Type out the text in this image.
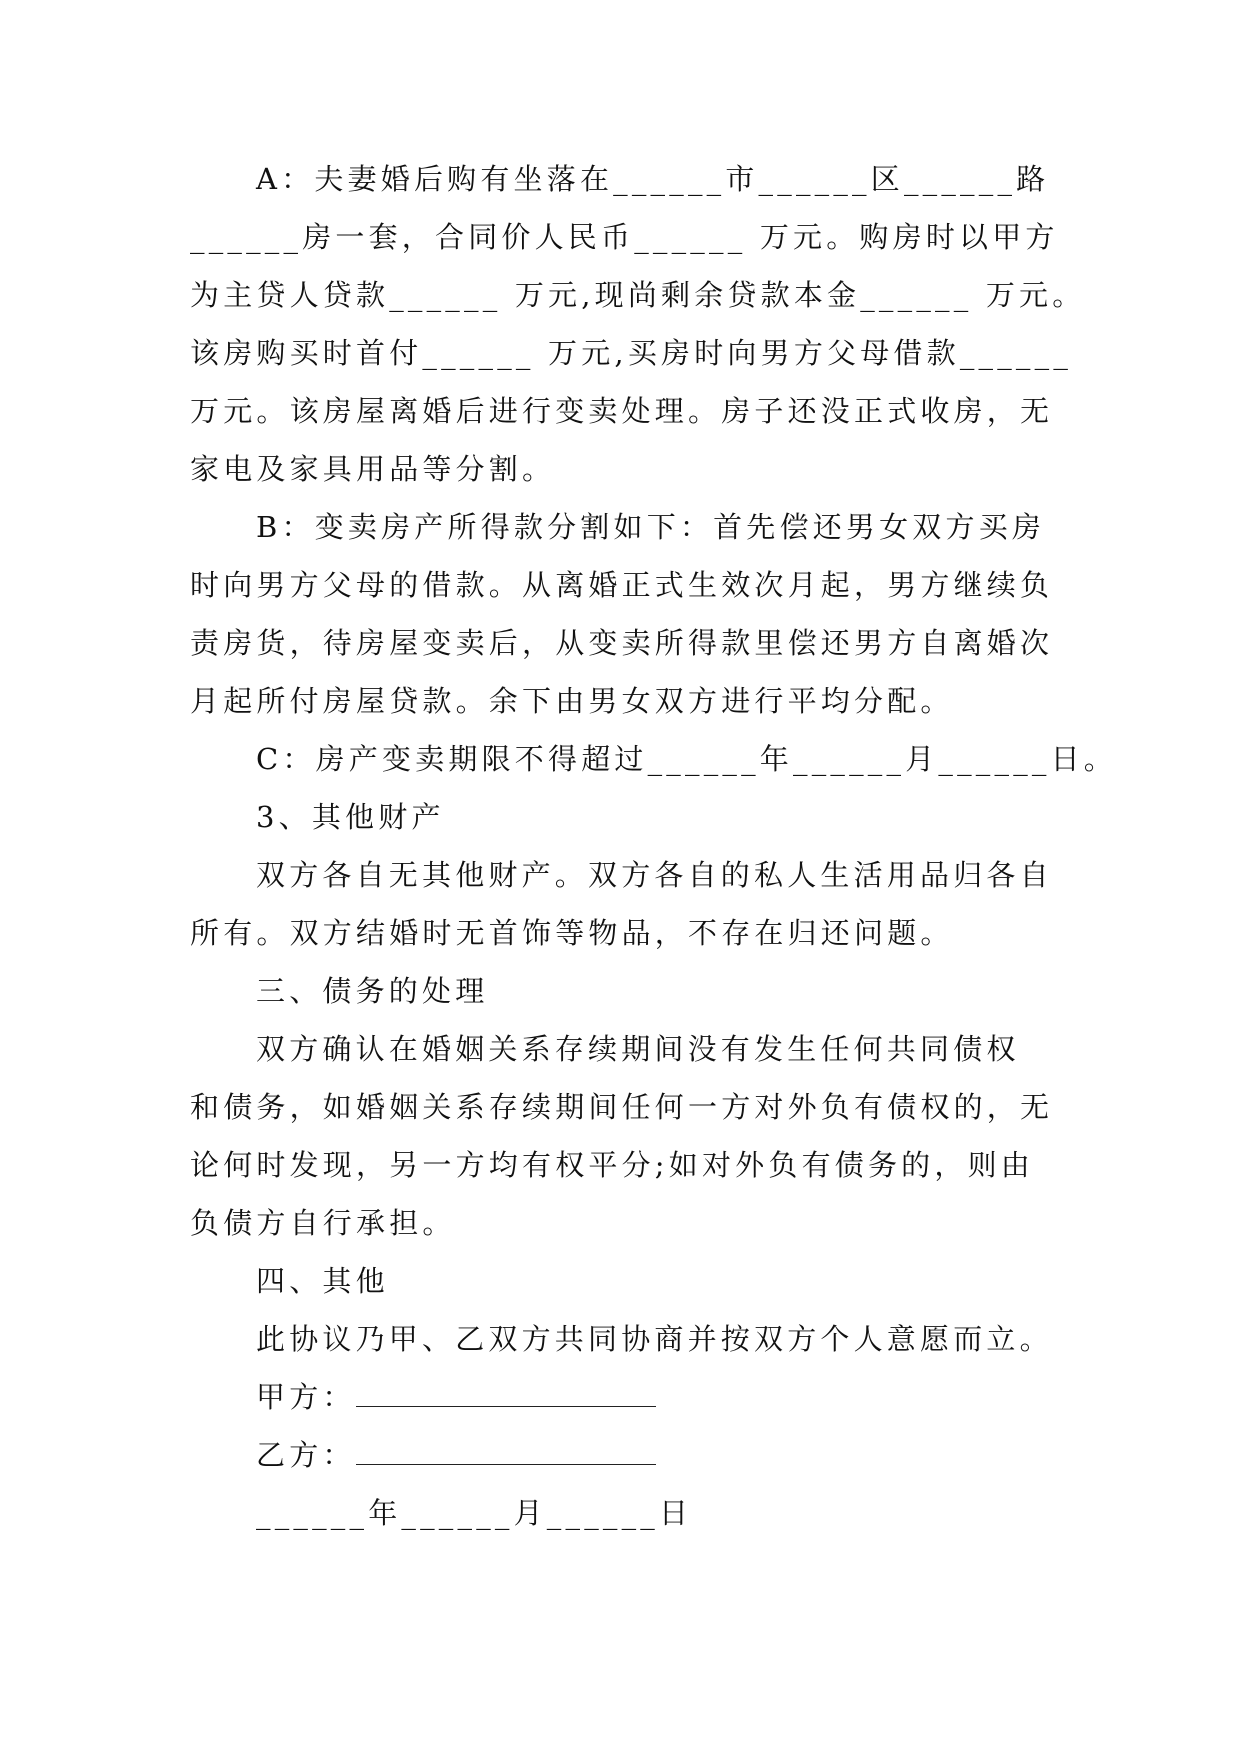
A：夫妻婚后购有坐落在______市______区______路
______房一套，合同价人民币______ 万元。购房时以甲方
为主贷人贷款______ 万元,现尚剩余贷款本金______ 万元。
该房购买时首付______ 万元,买房时向男方父母借款______
万元。该房屋离婚后进行变卖处理。房子还没正式收房，无
家电及家具用品等分割。
B：变卖房产所得款分割如下：首先偿还男女双方买房
时向男方父母的借款。从离婚正式生效次月起，男方继续负
责房货，待房屋变卖后，从变卖所得款里偿还男方自离婚次
月起所付房屋贷款。余下由男女双方进行平均分配。
C：房产变卖期限不得超过______年______月______日。
3、其他财产
双方各自无其他财产。双方各自的私人生活用品归各自
所有。双方结婚时无首饰等物品，不存在归还问题。
三、债务的处理
双方确认在婚姻关系存续期间没有发生任何共同债权
和债务，如婚姻关系存续期间任何一方对外负有债权的，无
论何时发现，另一方均有权平分;如对外负有债务的，则由
负债方自行承担。
四、其他
此协议乃甲、乙双方共同协商并按双方个人意愿而立。
甲方：
乙方：
______年______月______日
